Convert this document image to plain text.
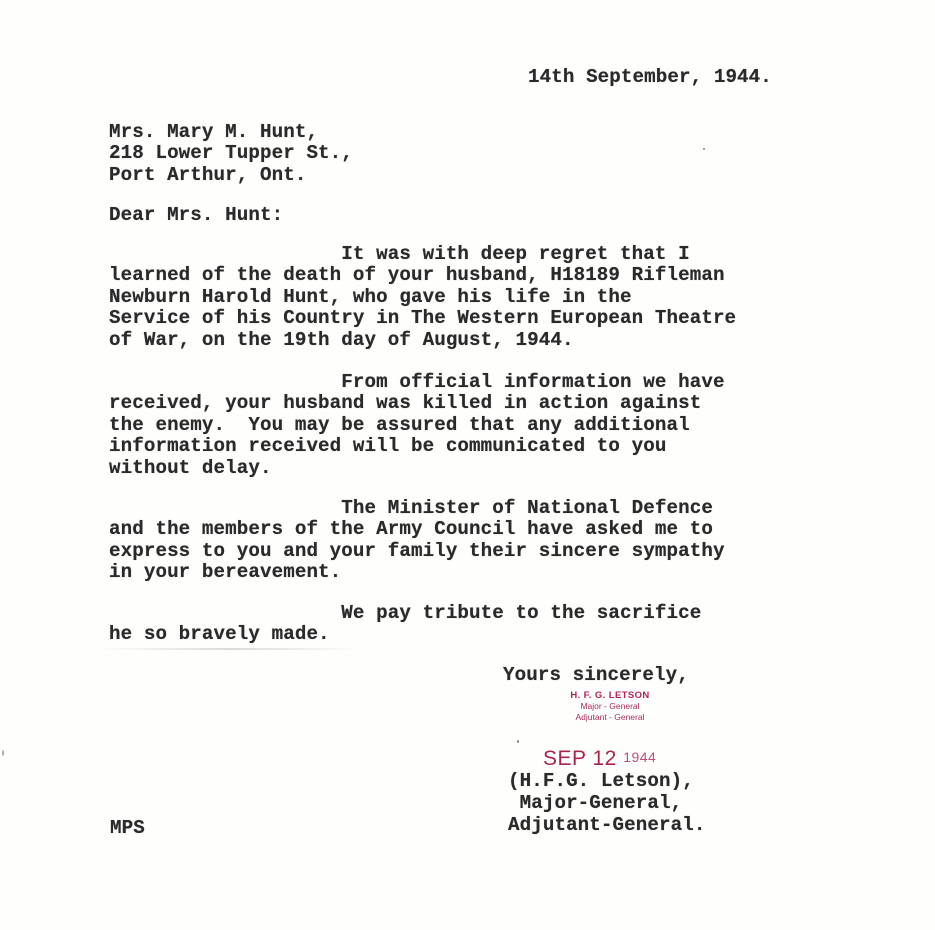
14th September, 1944.
Mrs. Mary M. Hunt,
218 Lower Tupper St.,
Port Arthur, Ont.
Dear Mrs. Hunt:
It was with deep regret that I
learned of the death of your husband, H18189 Rifleman
Newburn Harold Hunt, who gave his life in the
Service of his Country in The Western European Theatre
of War, on the 19th day of August, 1944.
From official information we have
received, your husband was killed in action against
the enemy.  You may be assured that any additional
information received will be communicated to you
without delay.
The Minister of National Defence
and the members of the Army Council have asked me to
express to you and your family their sincere sympathy
in your bereavement.
We pay tribute to the sacrifice
he so bravely made.
Yours sincerely,
H. F. G. LETSON
Major - General
Adjutant - General
SEP 12 1944
(H.F.G. Letson),
Major-General,
Adjutant-General.
MPS
